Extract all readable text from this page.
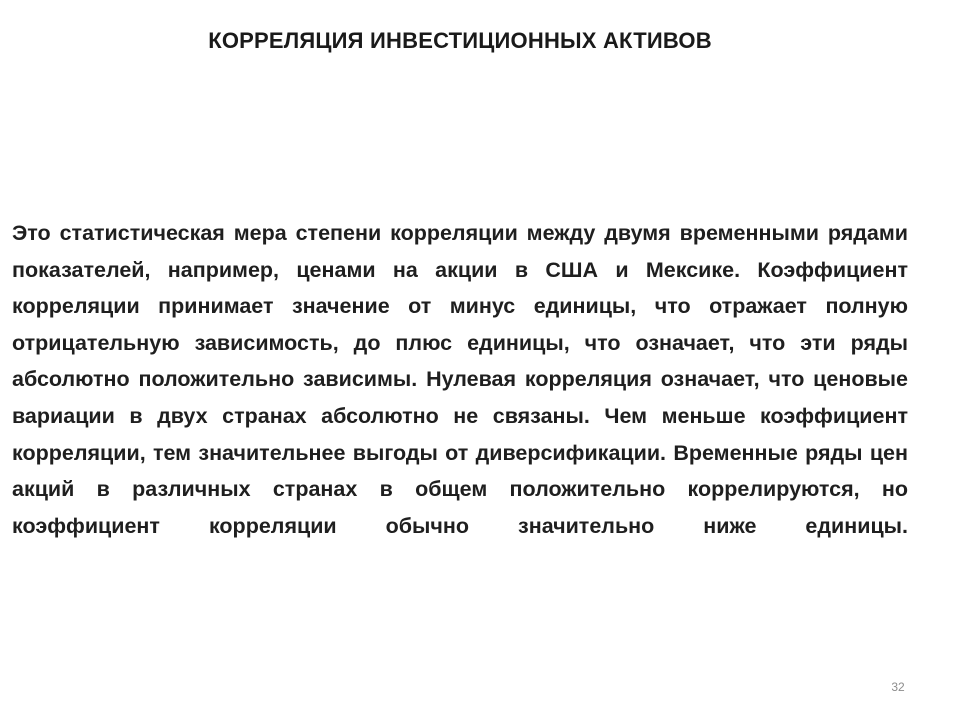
КОРРЕЛЯЦИЯ ИНВЕСТИЦИОННЫХ АКТИВОВ
Это статистическая мера степени корреляции между двумя временными рядами показателей, например, ценами на акции в США и Мексике. Коэффициент корреляции принимает значение от минус единицы, что отражает полную отрицательную зависимость, до плюс единицы, что означает, что эти ряды абсолютно положительно зависимы. Нулевая корреляция означает, что ценовые вариации в двух странах абсолютно не связаны. Чем меньше коэффициент корреляции, тем значительнее выгоды от диверсификации. Временные ряды цен акций в различных странах в общем положительно коррелируются, но коэффициент корреляции обычно значительно ниже единицы.
32
